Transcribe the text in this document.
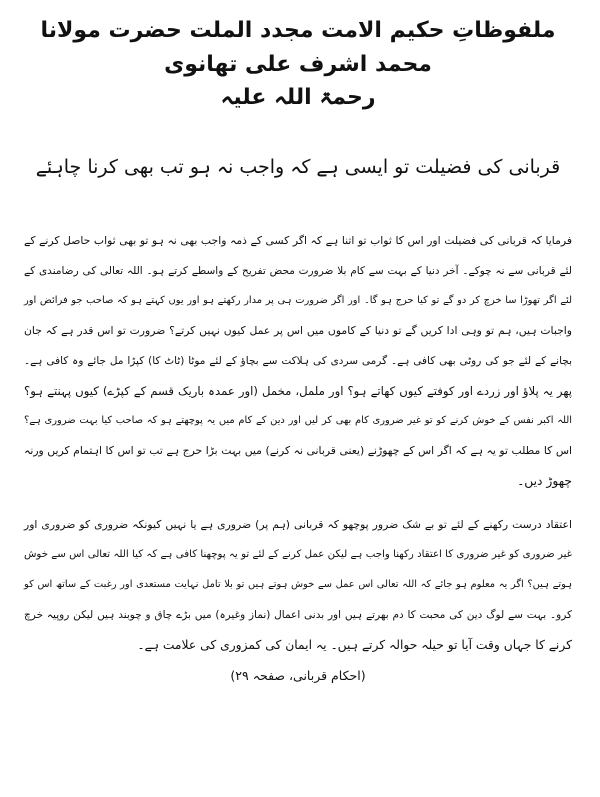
ملفوظاتِ حکیم الامت مجدد الملت حضرت مولانا محمد اشرف علی تھانوی
رحمۃ اللہ علیہ
قربانی کی فضیلت تو ایسی ہے کہ واجب نہ ہو تب بھی کرنا چاہئے
فرمایا کہ قربانی کی فضیلت اور اس کا ثواب تو اتنا ہے کہ اگر کسی کے ذمہ واجب بھی نہ ہو تو بھی ثواب حاصل کرنے کے
لئے قربانی سے نہ چوکے۔ آخر دنیا کے بہت سے کام بلا ضرورت محض تفریح کے واسطے کرتے ہو۔ اللہ تعالی کی رضامندی کے
لئے اگر تھوڑا سا خرچ کر دو گے تو کیا حرج ہو گا۔ اور اگر ضرورت ہی پر مدار رکھتے ہو اور یوں کہتے ہو کہ صاحب جو فرائض اور
واجبات ہیں، ہم تو وہی ادا کریں گے تو دنیا کے کاموں میں اس پر عمل کیوں نہیں کرتے؟ ضرورت تو اس قدر ہے کہ جان
بچانے کے لئے جو کی روٹی بھی کافی ہے۔ گرمی سردی کی ہلاکت سے بچاؤ کے لئے موٹا (ٹاٹ کا) کپڑا مل جائے وہ کافی ہے۔
پھر یہ پلاؤ اور زردے اور کوفتے کیوں کھاتے ہو؟ اور ململ، مخمل (اور عمدہ باریک قسم کے کپڑے) کیوں پہنتے ہو؟
اللہ اکبر نفس کے خوش کرنے کو تو غیر ضروری کام بھی کر لیں اور دین کے کام میں یہ پوچھتے ہو کہ صاحب کیا بہت ضروری ہے؟
اس کا مطلب تو یہ ہے کہ اگر اس کے چھوڑنے (یعنی قربانی نہ کرنے) میں بہت بڑا حرج ہے تب تو اس کا اہتمام کریں ورنہ
چھوڑ دیں۔
اعتقاد درست رکھنے کے لئے تو بے شک ضرور پوچھو کہ قربانی (ہم پر) ضروری ہے یا نہیں کیونکہ ضروری کو ضروری اور
غیر ضروری کو غیر ضروری کا اعتقاد رکھنا واجب ہے لیکن عمل کرنے کے لئے تو یہ پوچھنا کافی ہے کہ کیا اللہ تعالی اس سے خوش
ہوتے ہیں؟ اگر یہ معلوم ہو جائے کہ اللہ تعالی اس عمل سے خوش ہوتے ہیں تو بلا تامل نہایت مستعدی اور رغبت کے ساتھ اس کو
کرو۔ بہت سے لوگ دین کی محبت کا دم بھرتے ہیں اور بدنی اعمال (نماز وغیرہ) میں بڑے چاق و چوبند ہیں لیکن روپیہ خرچ
کرنے کا جہاں وقت آیا تو حیلہ حوالہ کرتے ہیں۔ یہ ایمان کی کمزوری کی علامت ہے۔
(احکام قربانی، صفحہ ۲۹)
